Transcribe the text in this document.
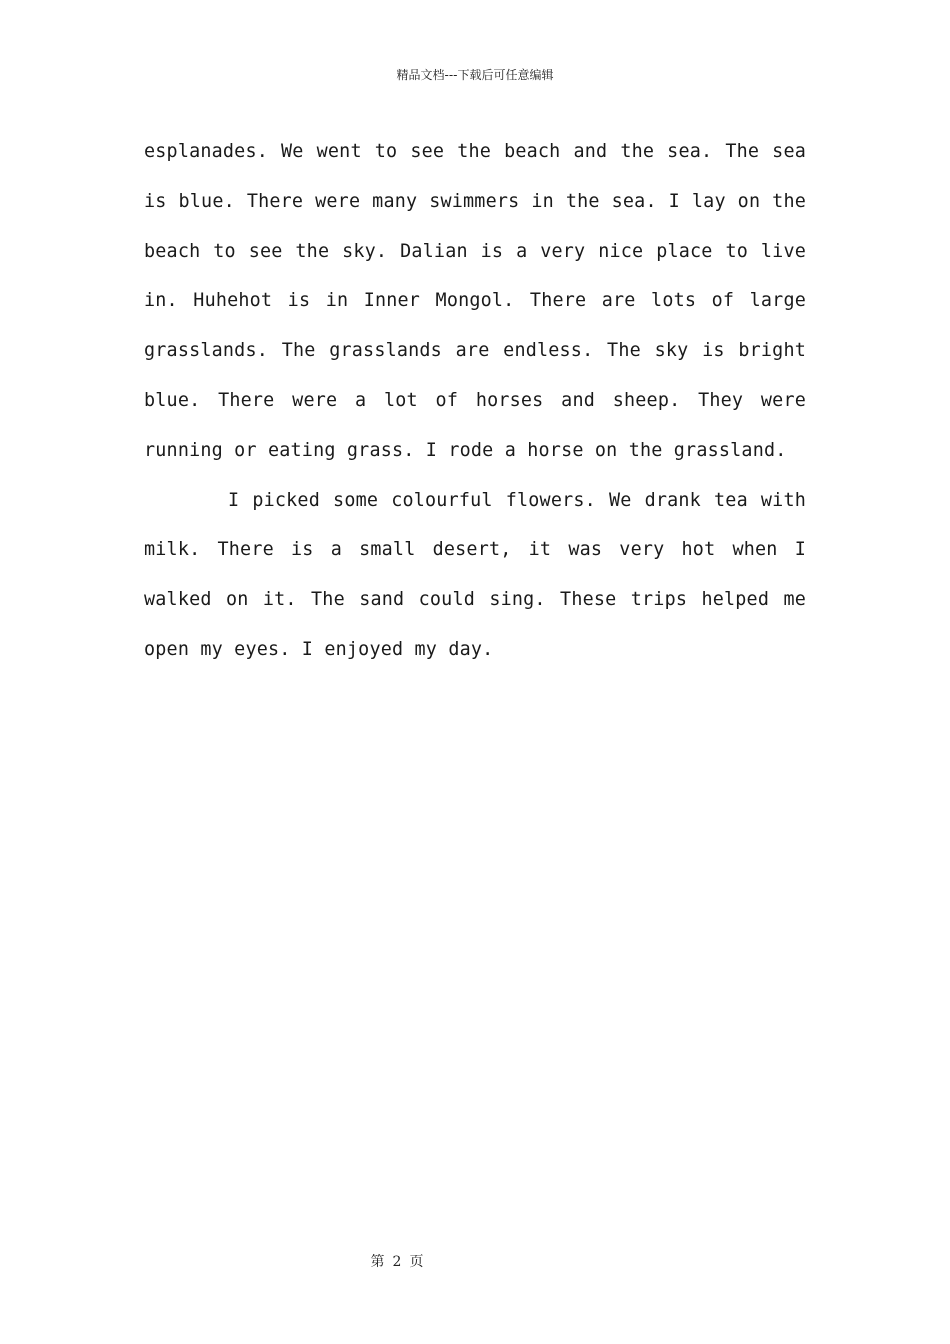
精品文档---下载后可任意编辑
esplanades. We went to see the beach and the sea. The sea
is blue. There were many swimmers in the sea. I lay on the
beach to see the sky. Dalian is a very nice place to live
in. Huhehot is in Inner Mongol. There are lots of large
grasslands. The grasslands are endless. The sky is bright
blue. There were a lot of horses and sheep. They were
running or eating grass. I rode a horse on the grassland.
I picked some colourful flowers. We drank tea with
milk. There is a small desert, it was very hot when I
walked on it. The sand could sing. These trips helped me
open my eyes. I enjoyed my day.
第 2 页
